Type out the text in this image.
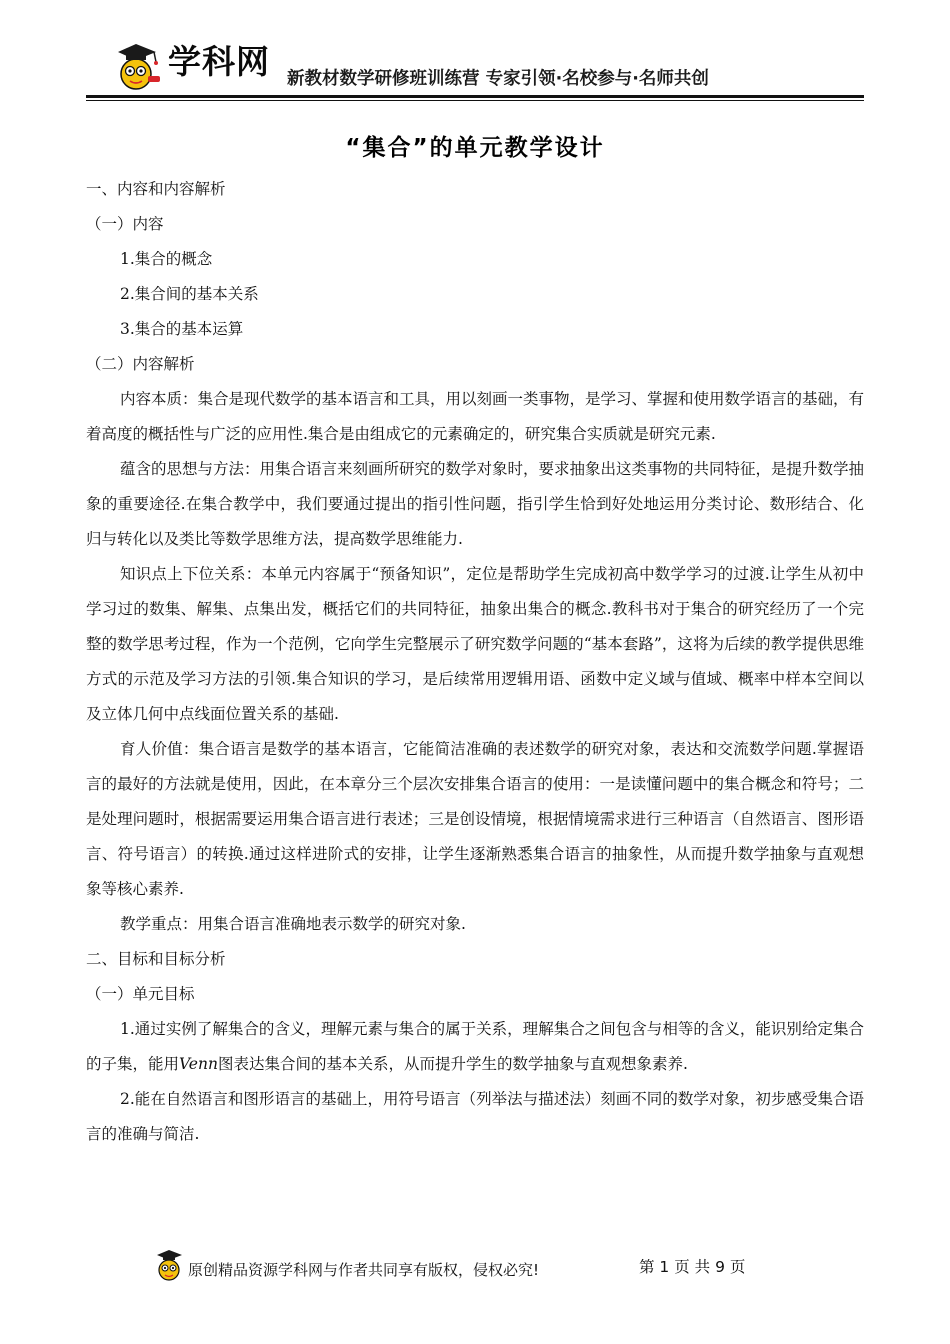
学科网 新教材数学研修班训练营 专家引领·名校参与·名师共创
“集合”的单元教学设计

一、内容和内容解析

（一）内容

1.集合的概念

2.集合间的基本关系

3.集合的基本运算

（二）内容解析

内容本质：集合是现代数学的基本语言和工具，用以刻画一类事物，是学习、掌握和使用数学语言的基础，有着高度的概括性与广泛的应用性.集合是由组成它的元素确定的，研究集合实质就是研究元素.

蕴含的思想与方法：用集合语言来刻画所研究的数学对象时，要求抽象出这类事物的共同特征，是提升数学抽象的重要途径.在集合教学中，我们要通过提出的指引性问题，指引学生恰到好处地运用分类讨论、数形结合、化归与转化以及类比等数学思维方法，提高数学思维能力.

知识点上下位关系：本单元内容属于“预备知识”，定位是帮助学生完成初高中数学学习的过渡.让学生从初中学习过的数集、解集、点集出发，概括它们的共同特征，抽象出集合的概念.教科书对于集合的研究经历了一个完整的数学思考过程，作为一个范例，它向学生完整展示了研究数学问题的“基本套路”，这将为后续的教学提供思维方式的示范及学习方法的引领.集合知识的学习，是后续常用逻辑用语、函数中定义域与值域、概率中样本空间以及立体几何中点线面位置关系的基础.

育人价值：集合语言是数学的基本语言，它能简洁准确的表述数学的研究对象，表达和交流数学问题.掌握语言的最好的方法就是使用，因此，在本章分三个层次安排集合语言的使用：一是读懂问题中的集合概念和符号；二是处理问题时，根据需要运用集合语言进行表述；三是创设情境，根据情境需求进行三种语言（自然语言、图形语言、符号语言）的转换.通过这样进阶式的安排，让学生逐渐熟悉集合语言的抽象性，从而提升数学抽象与直观想象等核心素养.

教学重点：用集合语言准确地表示数学的研究对象.

二、目标和目标分析

（一）单元目标

1.通过实例了解集合的含义，理解元素与集合的属于关系，理解集合之间包含与相等的含义，能识别给定集合的子集，能用Venn图表达集合间的基本关系，从而提升学生的数学抽象与直观想象素养.

2.能在自然语言和图形语言的基础上，用符号语言（列举法与描述法）刻画不同的数学对象，初步感受集合语言的准确与简洁.

原创精品资源学科网与作者共同享有版权，侵权必究!	第 1 页 共 9 页
